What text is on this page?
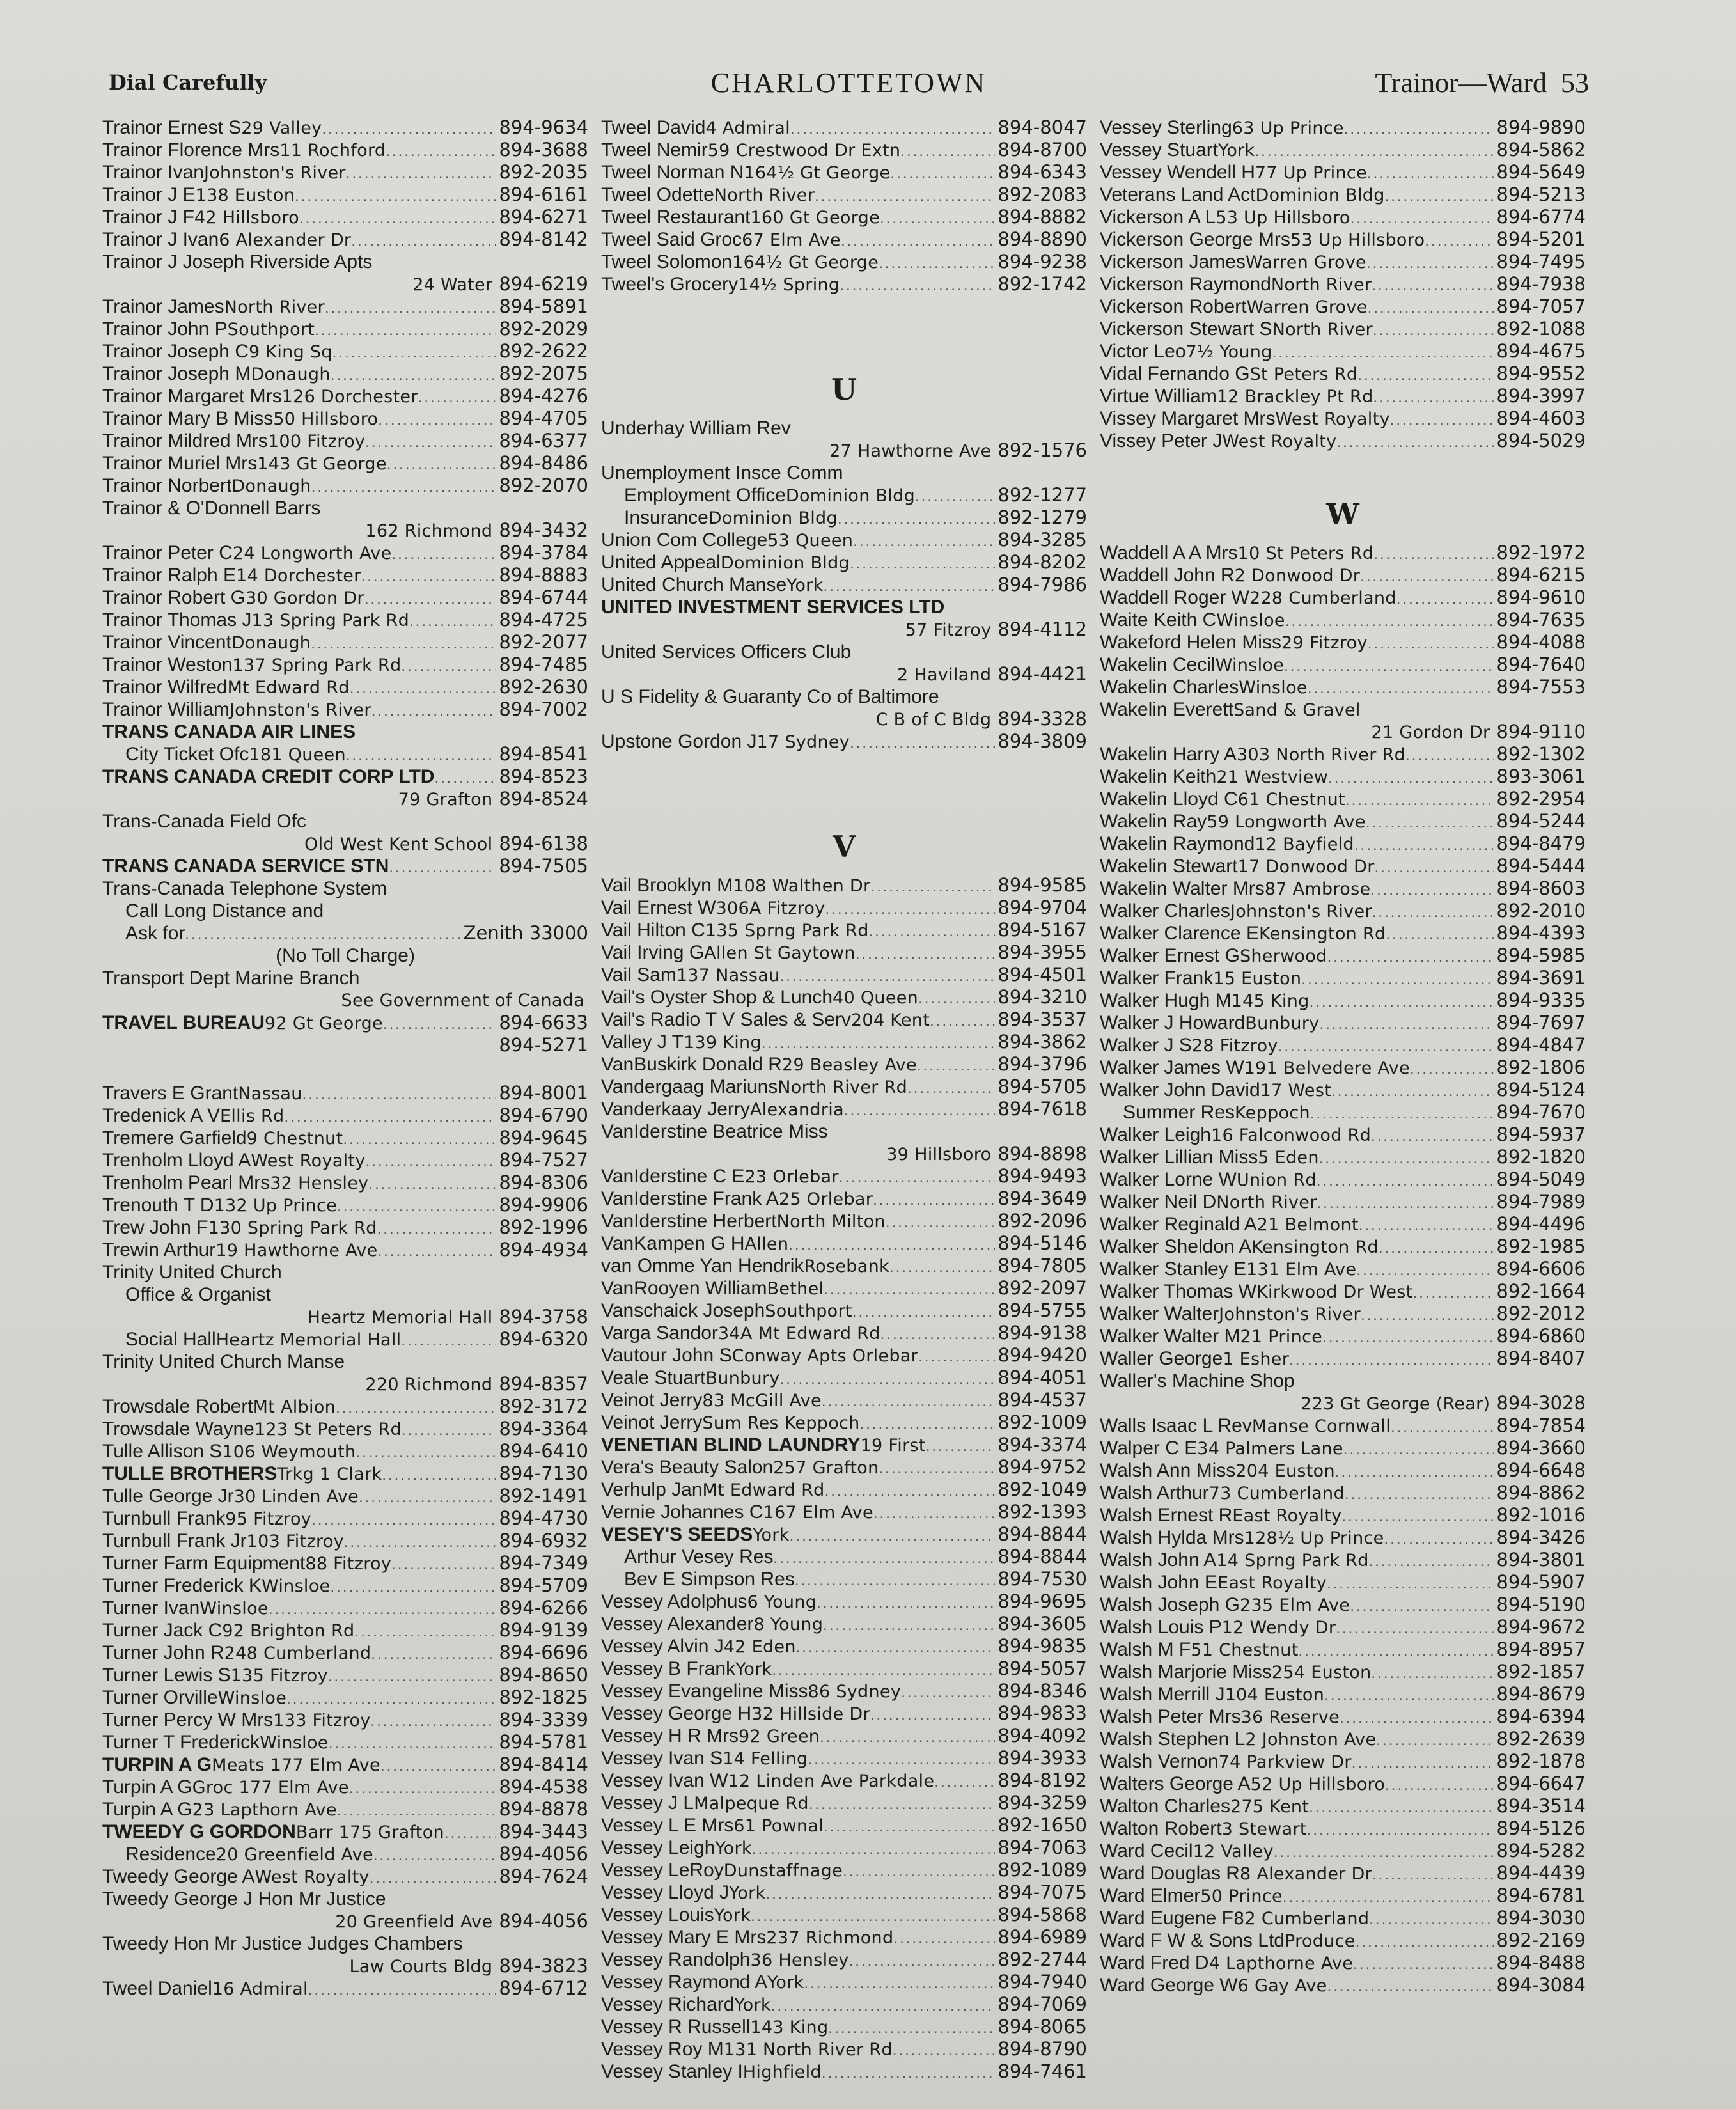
Dial Carefully	CHARLOTTETOWN	Trainor—Ward 53
Trainor Ernest S 29 Valley .....	894-9634
Trainor Florence Mrs 11 Rochford .....	894-3688
Trainor Ivan Johnston's River .....	892-2035
Trainor J E 138 Euston .....	894-6161
Trainor J F 42 Hillsboro .....	894-6271
Trainor J Ivan 6 Alexander Dr .....	894-8142
Trainor J Joseph Riverside Apts
24 Water 894-6219
Trainor James North River .....	894-5891
Trainor John P Southport .....	892-2029
Trainor Joseph C 9 King Sq .....	892-2622
Trainor Joseph M Donaugh .....	892-2075
Trainor Margaret Mrs 126 Dorchester .....	894-4276
Trainor Mary B Miss 50 Hillsboro .....	894-4705
Trainor Mildred Mrs 100 Fitzroy .....	894-6377
Trainor Muriel Mrs 143 Gt George .....	894-8486
Trainor Norbert Donaugh .....	892-2070
Trainor & O'Donnell Barrs
162 Richmond 894-3432
Trainor Peter C 24 Longworth Ave .....	894-3784
Trainor Ralph E 14 Dorchester .....	894-8883
Trainor Robert G 30 Gordon Dr .....	894-6744
Trainor Thomas J 13 Spring Park Rd .....	894-4725
Trainor Vincent Donaugh .....	892-2077
Trainor Weston 137 Spring Park Rd .....	894-7485
Trainor Wilfred Mt Edward Rd .....	892-2630
Trainor William Johnston's River .....	894-7002
TRANS CANADA AIR LINES
City Ticket Ofc 181 Queen .....	894-8541
TRANS CANADA CREDIT CORP LTD .....	894-8523
79 Grafton 894-8524
Trans-Canada Field Ofc
Old West Kent School 894-6138
TRANS CANADA SERVICE STN .....	894-7505
Trans-Canada Telephone System
Call Long Distance and
Ask for .....	Zenith 33000
(No Toll Charge)
Transport Dept Marine Branch
See Government of Canada
TRAVEL BUREAU 92 Gt George .....	894-6633
894-5271
Travers E Grant Nassau .....	894-8001
Tredenick A V Ellis Rd .....	894-6790
Tremere Garfield 9 Chestnut .....	894-9645
Trenholm Lloyd A West Royalty .....	894-7527
Trenholm Pearl Mrs 32 Hensley .....	894-8306
Trenouth T D 132 Up Prince .....	894-9906
Trew John F 130 Spring Park Rd .....	892-1996
Trewin Arthur 19 Hawthorne Ave .....	894-4934
Trinity United Church
Office & Organist
Heartz Memorial Hall 894-3758
Social Hall Heartz Memorial Hall .....	894-6320
Trinity United Church Manse
220 Richmond 894-8357
Trowsdale Robert Mt Albion .....	892-3172
Trowsdale Wayne 123 St Peters Rd .....	894-3364
Tulle Allison S 106 Weymouth .....	894-6410
TULLE BROTHERS Trkg 1 Clark .....	894-7130
Tulle George Jr 30 Linden Ave .....	892-1491
Turnbull Frank 95 Fitzroy .....	894-4730
Turnbull Frank Jr 103 Fitzroy .....	894-6932
Turner Farm Equipment 88 Fitzroy .....	894-7349
Turner Frederick K Winsloe .....	894-5709
Turner Ivan Winsloe .....	894-6266
Turner Jack C 92 Brighton Rd .....	894-9139
Turner John R 248 Cumberland .....	894-6696
Turner Lewis S 135 Fitzroy .....	894-8650
Turner Orville Winsloe .....	892-1825
Turner Percy W Mrs 133 Fitzroy .....	894-3339
Turner T Frederick Winsloe .....	894-5781
TURPIN A G Meats 177 Elm Ave .....	894-8414
Turpin A G Groc 177 Elm Ave .....	894-4538
Turpin A G 23 Lapthorn Ave .....	894-8878
TWEEDY G GORDON Barr 175 Grafton .....	894-3443
Residence 20 Greenfield Ave .....	894-4056
Tweedy George A West Royalty .....	894-7624
Tweedy George J Hon Mr Justice
20 Greenfield Ave 894-4056
Tweedy Hon Mr Justice Judges Chambers
Law Courts Bldg 894-3823
Tweel Daniel 16 Admiral .....	894-6712
Tweel David 4 Admiral .....	894-8047
Tweel Nemir 59 Crestwood Dr Extn .....	894-8700
Tweel Norman N 164½ Gt George .....	894-6343
Tweel Odette North River .....	892-2083
Tweel Restaurant 160 Gt George .....	894-8882
Tweel Said Groc 67 Elm Ave .....	894-8890
Tweel Solomon 164½ Gt George .....	894-9238
Tweel's Grocery 14½ Spring .....	892-1742
U
Underhay William Rev
27 Hawthorne Ave 892-1576
Unemployment Insce Comm
Employment Office Dominion Bldg .....	892-1277
Insurance Dominion Bldg .....	892-1279
Union Com College 53 Queen .....	894-3285
United Appeal Dominion Bldg .....	894-8202
United Church Manse York .....	894-7986
UNITED INVESTMENT SERVICES LTD
57 Fitzroy 894-4112
United Services Officers Club
2 Haviland 894-4421
U S Fidelity & Guaranty Co of Baltimore
C B of C Bldg 894-3328
Upstone Gordon J 17 Sydney .....	894-3809
V
Vail Brooklyn M 108 Walthen Dr .....	894-9585
Vail Ernest W 306A Fitzroy .....	894-9704
Vail Hilton C 135 Sprng Park Rd .....	894-5167
Vail Irving G Allen St Gaytown .....	894-3955
Vail Sam 137 Nassau .....	894-4501
Vail's Oyster Shop & Lunch 40 Queen .....	894-3210
Vail's Radio T V Sales & Serv 204 Kent .....	894-3537
Valley J T 139 King .....	894-3862
VanBuskirk Donald R 29 Beasley Ave .....	894-3796
Vandergaag Mariuns North River Rd .....	894-5705
Vanderkaay Jerry Alexandria .....	894-7618
VanIderstine Beatrice Miss
39 Hillsboro 894-8898
VanIderstine C E 23 Orlebar .....	894-9493
VanIderstine Frank A 25 Orlebar .....	894-3649
VanIderstine Herbert North Milton .....	892-2096
VanKampen G H Allen .....	894-5146
van Omme Yan Hendrik Rosebank .....	894-7805
VanRooyen William Bethel .....	892-2097
Vanschaick Joseph Southport .....	894-5755
Varga Sandor 34A Mt Edward Rd .....	894-9138
Vautour John S Conway Apts Orlebar .....	894-9420
Veale Stuart Bunbury .....	894-4051
Veinot Jerry 83 McGill Ave .....	894-4537
Veinot Jerry Sum Res Keppoch .....	892-1009
VENETIAN BLIND LAUNDRY 19 First .....	894-3374
Vera's Beauty Salon 257 Grafton .....	894-9752
Verhulp Jan Mt Edward Rd .....	892-1049
Vernie Johannes C 167 Elm Ave .....	892-1393
VESEY'S SEEDS York .....	894-8844
Arthur Vesey Res .....	894-8844
Bev E Simpson Res .....	894-7530
Vessey Adolphus 6 Young .....	894-9695
Vessey Alexander 8 Young .....	894-3605
Vessey Alvin J 42 Eden .....	894-9835
Vessey B Frank York .....	894-5057
Vessey Evangeline Miss 86 Sydney .....	894-8346
Vessey George H 32 Hillside Dr .....	894-9833
Vessey H R Mrs 92 Green .....	894-4092
Vessey Ivan S 14 Felling .....	894-3933
Vessey Ivan W 12 Linden Ave Parkdale .....	894-8192
Vessey J L Malpeque Rd .....	894-3259
Vessey L E Mrs 61 Pownal .....	892-1650
Vessey Leigh York .....	894-7063
Vessey LeRoy Dunstaffnage .....	892-1089
Vessey Lloyd J York .....	894-7075
Vessey Louis York .....	894-5868
Vessey Mary E Mrs 237 Richmond .....	894-6989
Vessey Randolph 36 Hensley .....	892-2744
Vessey Raymond A York .....	894-7940
Vessey Richard York .....	894-7069
Vessey R Russell 143 King .....	894-8065
Vessey Roy M 131 North River Rd .....	894-8790
Vessey Stanley I Highfield .....	894-7461
Vessey Sterling 63 Up Prince .....	894-9890
Vessey Stuart York .....	894-5862
Vessey Wendell H 77 Up Prince .....	894-5649
Veterans Land Act Dominion Bldg .....	894-5213
Vickerson A L 53 Up Hillsboro .....	894-6774
Vickerson George Mrs 53 Up Hillsboro .....	894-5201
Vickerson James Warren Grove .....	894-7495
Vickerson Raymond North River .....	894-7938
Vickerson Robert Warren Grove .....	894-7057
Vickerson Stewart S North River .....	892-1088
Victor Leo 7½ Young .....	894-4675
Vidal Fernando G St Peters Rd .....	894-9552
Virtue William 12 Brackley Pt Rd .....	894-3997
Vissey Margaret Mrs West Royalty .....	894-4603
Vissey Peter J West Royalty .....	894-5029
W
Waddell A A Mrs 10 St Peters Rd .....	892-1972
Waddell John R 2 Donwood Dr .....	894-6215
Waddell Roger W 228 Cumberland .....	894-9610
Waite Keith C Winsloe .....	894-7635
Wakeford Helen Miss 29 Fitzroy .....	894-4088
Wakelin Cecil Winsloe .....	894-7640
Wakelin Charles Winsloe .....	894-7553
Wakelin Everett Sand & Gravel
21 Gordon Dr 894-9110
Wakelin Harry A 303 North River Rd .....	892-1302
Wakelin Keith 21 Westview .....	893-3061
Wakelin Lloyd C 61 Chestnut .....	892-2954
Wakelin Ray 59 Longworth Ave .....	894-5244
Wakelin Raymond 12 Bayfield .....	894-8479
Wakelin Stewart 17 Donwood Dr .....	894-5444
Wakelin Walter Mrs 87 Ambrose .....	894-8603
Walker Charles Johnston's River .....	892-2010
Walker Clarence E Kensington Rd .....	894-4393
Walker Ernest G Sherwood .....	894-5985
Walker Frank 15 Euston .....	894-3691
Walker Hugh M 145 King .....	894-9335
Walker J Howard Bunbury .....	894-7697
Walker J S 28 Fitzroy .....	894-4847
Walker James W 191 Belvedere Ave .....	892-1806
Walker John David 17 West .....	894-5124
Summer Res Keppoch .....	894-7670
Walker Leigh 16 Falconwood Rd .....	894-5937
Walker Lillian Miss 5 Eden .....	892-1820
Walker Lorne W Union Rd .....	894-5049
Walker Neil D North River .....	894-7989
Walker Reginald A 21 Belmont .....	894-4496
Walker Sheldon A Kensington Rd .....	892-1985
Walker Stanley E 131 Elm Ave .....	894-6606
Walker Thomas W Kirkwood Dr West .....	892-1664
Walker Walter Johnston's River .....	892-2012
Walker Walter M 21 Prince .....	894-6860
Waller George 1 Esher .....	894-8407
Waller's Machine Shop
223 Gt George (Rear) 894-3028
Walls Isaac L Rev Manse Cornwall .....	894-7854
Walper C E 34 Palmers Lane .....	894-3660
Walsh Ann Miss 204 Euston .....	894-6648
Walsh Arthur 73 Cumberland .....	894-8862
Walsh Ernest R East Royalty .....	892-1016
Walsh Hylda Mrs 128½ Up Prince .....	894-3426
Walsh John A 14 Sprng Park Rd .....	894-3801
Walsh John E East Royalty .....	894-5907
Walsh Joseph G 235 Elm Ave .....	894-5190
Walsh Louis P 12 Wendy Dr .....	894-9672
Walsh M F 51 Chestnut .....	894-8957
Walsh Marjorie Miss 254 Euston .....	892-1857
Walsh Merrill J 104 Euston .....	894-8679
Walsh Peter Mrs 36 Reserve .....	894-6394
Walsh Stephen L 2 Johnston Ave .....	892-2639
Walsh Vernon 74 Parkview Dr .....	892-1878
Walters George A 52 Up Hillsboro .....	894-6647
Walton Charles 275 Kent .....	894-3514
Walton Robert 3 Stewart .....	894-5126
Ward Cecil 12 Valley .....	894-5282
Ward Douglas R 8 Alexander Dr .....	894-4439
Ward Elmer 50 Prince .....	894-6781
Ward Eugene F 82 Cumberland .....	894-3030
Ward F W & Sons Ltd Produce .....	892-2169
Ward Fred D 4 Lapthorne Ave .....	894-8488
Ward George W 6 Gay Ave .....	894-3084
